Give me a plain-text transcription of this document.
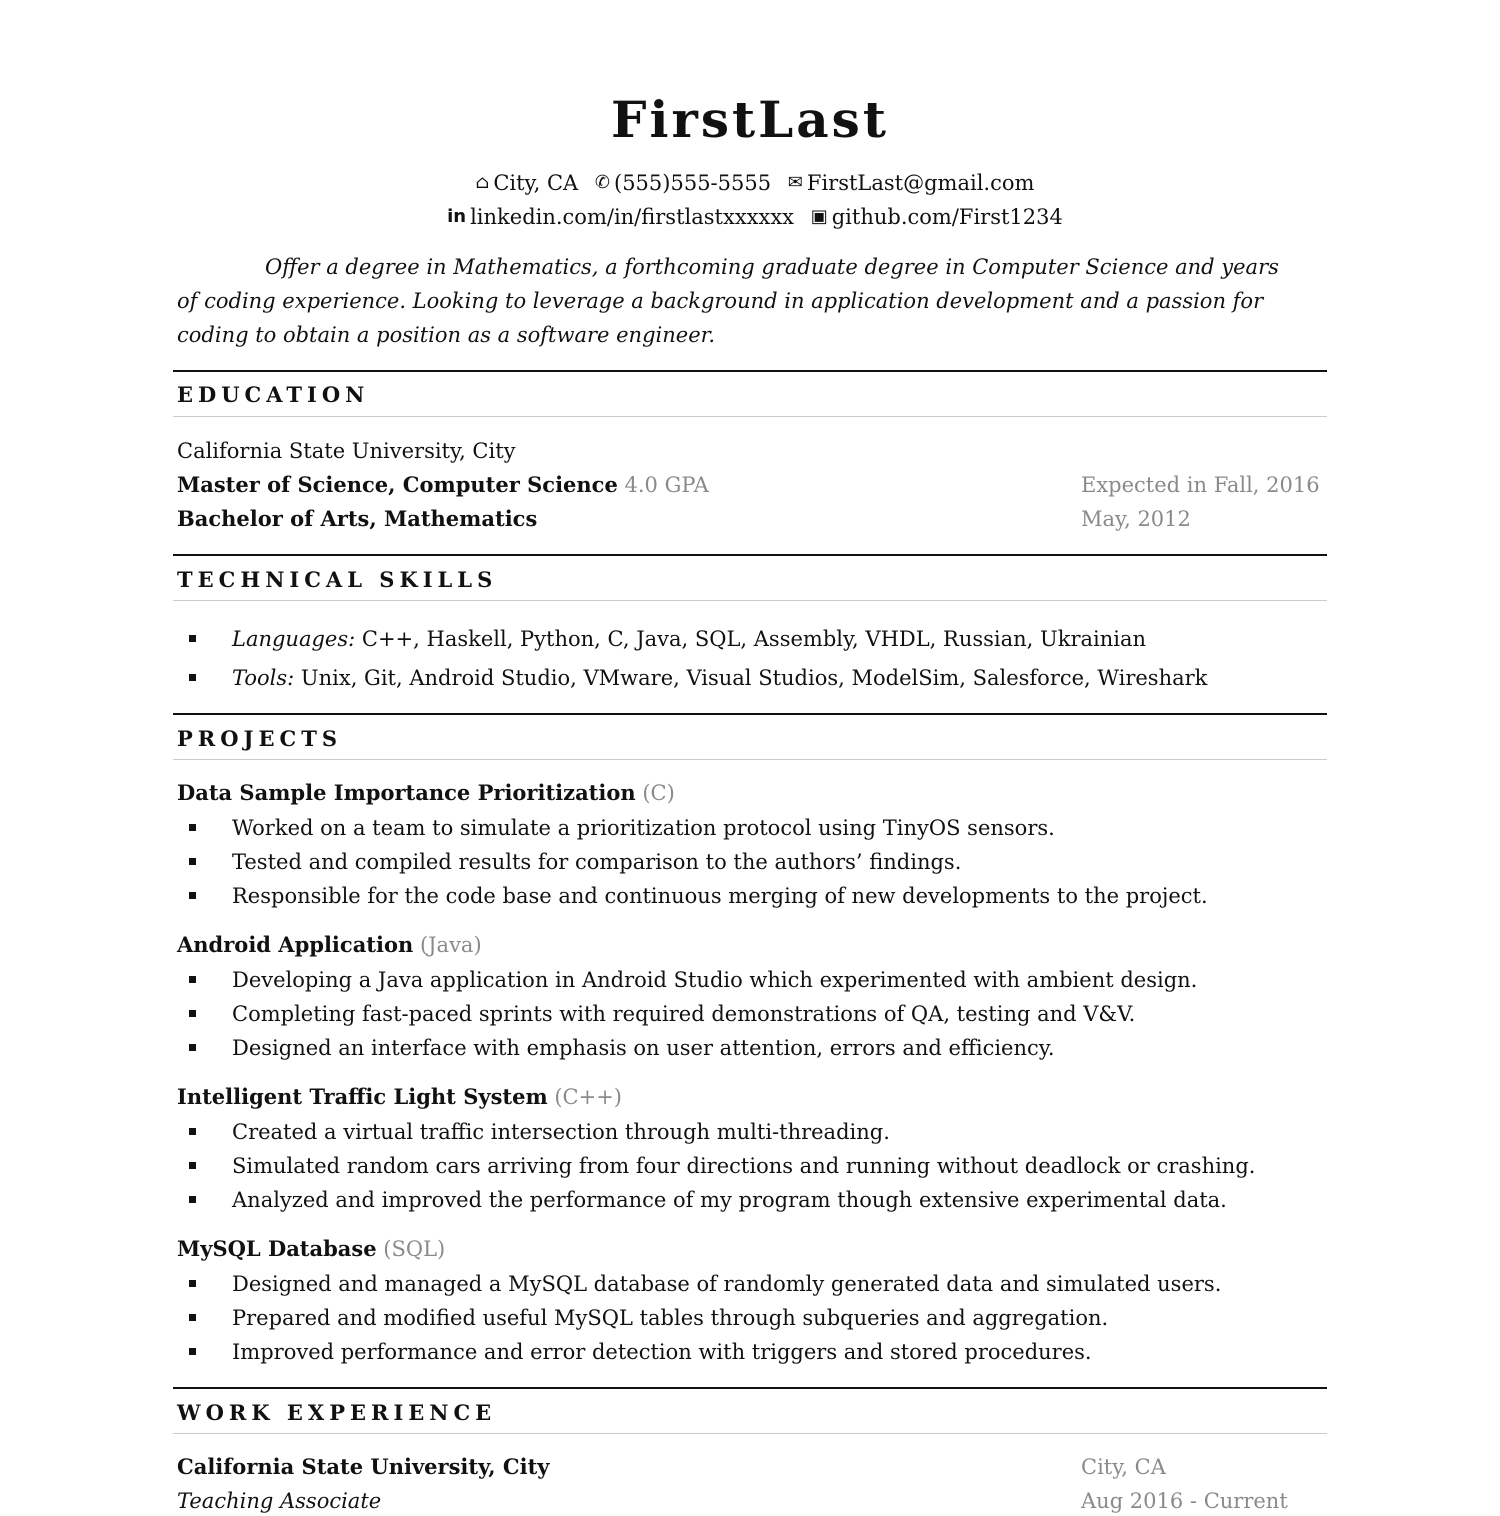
FirstLast
⌂ City, CA ✆ (555)555-5555 ✉ FirstLast@gmail.com
in linkedin.com/in/firstlastxxxxxx ▣ github.com/First1234
Offer a degree in Mathematics, a forthcoming graduate degree in Computer Science and years
of coding experience. Looking to leverage a background in application development and a passion for
coding to obtain a position as a software engineer.
EDUCATION
California State University, City
Master of Science, Computer Science 4.0 GPA	Expected in Fall, 2016
Bachelor of Arts, Mathematics	May, 2012
TECHNICAL SKILLS
Languages: C++, Haskell, Python, C, Java, SQL, Assembly, VHDL, Russian, Ukrainian
Tools: Unix, Git, Android Studio, VMware, Visual Studios, ModelSim, Salesforce, Wireshark
PROJECTS
Data Sample Importance Prioritization (C)
Worked on a team to simulate a prioritization protocol using TinyOS sensors.
Tested and compiled results for comparison to the authors’ findings.
Responsible for the code base and continuous merging of new developments to the project.
Android Application (Java)
Developing a Java application in Android Studio which experimented with ambient design.
Completing fast-paced sprints with required demonstrations of QA, testing and V&V.
Designed an interface with emphasis on user attention, errors and efficiency.
Intelligent Traffic Light System (C++)
Created a virtual traffic intersection through multi-threading.
Simulated random cars arriving from four directions and running without deadlock or crashing.
Analyzed and improved the performance of my program though extensive experimental data.
MySQL Database (SQL)
Designed and managed a MySQL database of randomly generated data and simulated users.
Prepared and modified useful MySQL tables through subqueries and aggregation.
Improved performance and error detection with triggers and stored procedures.
WORK EXPERIENCE
California State University, City	City, CA
Teaching Associate	Aug 2016 - Current
